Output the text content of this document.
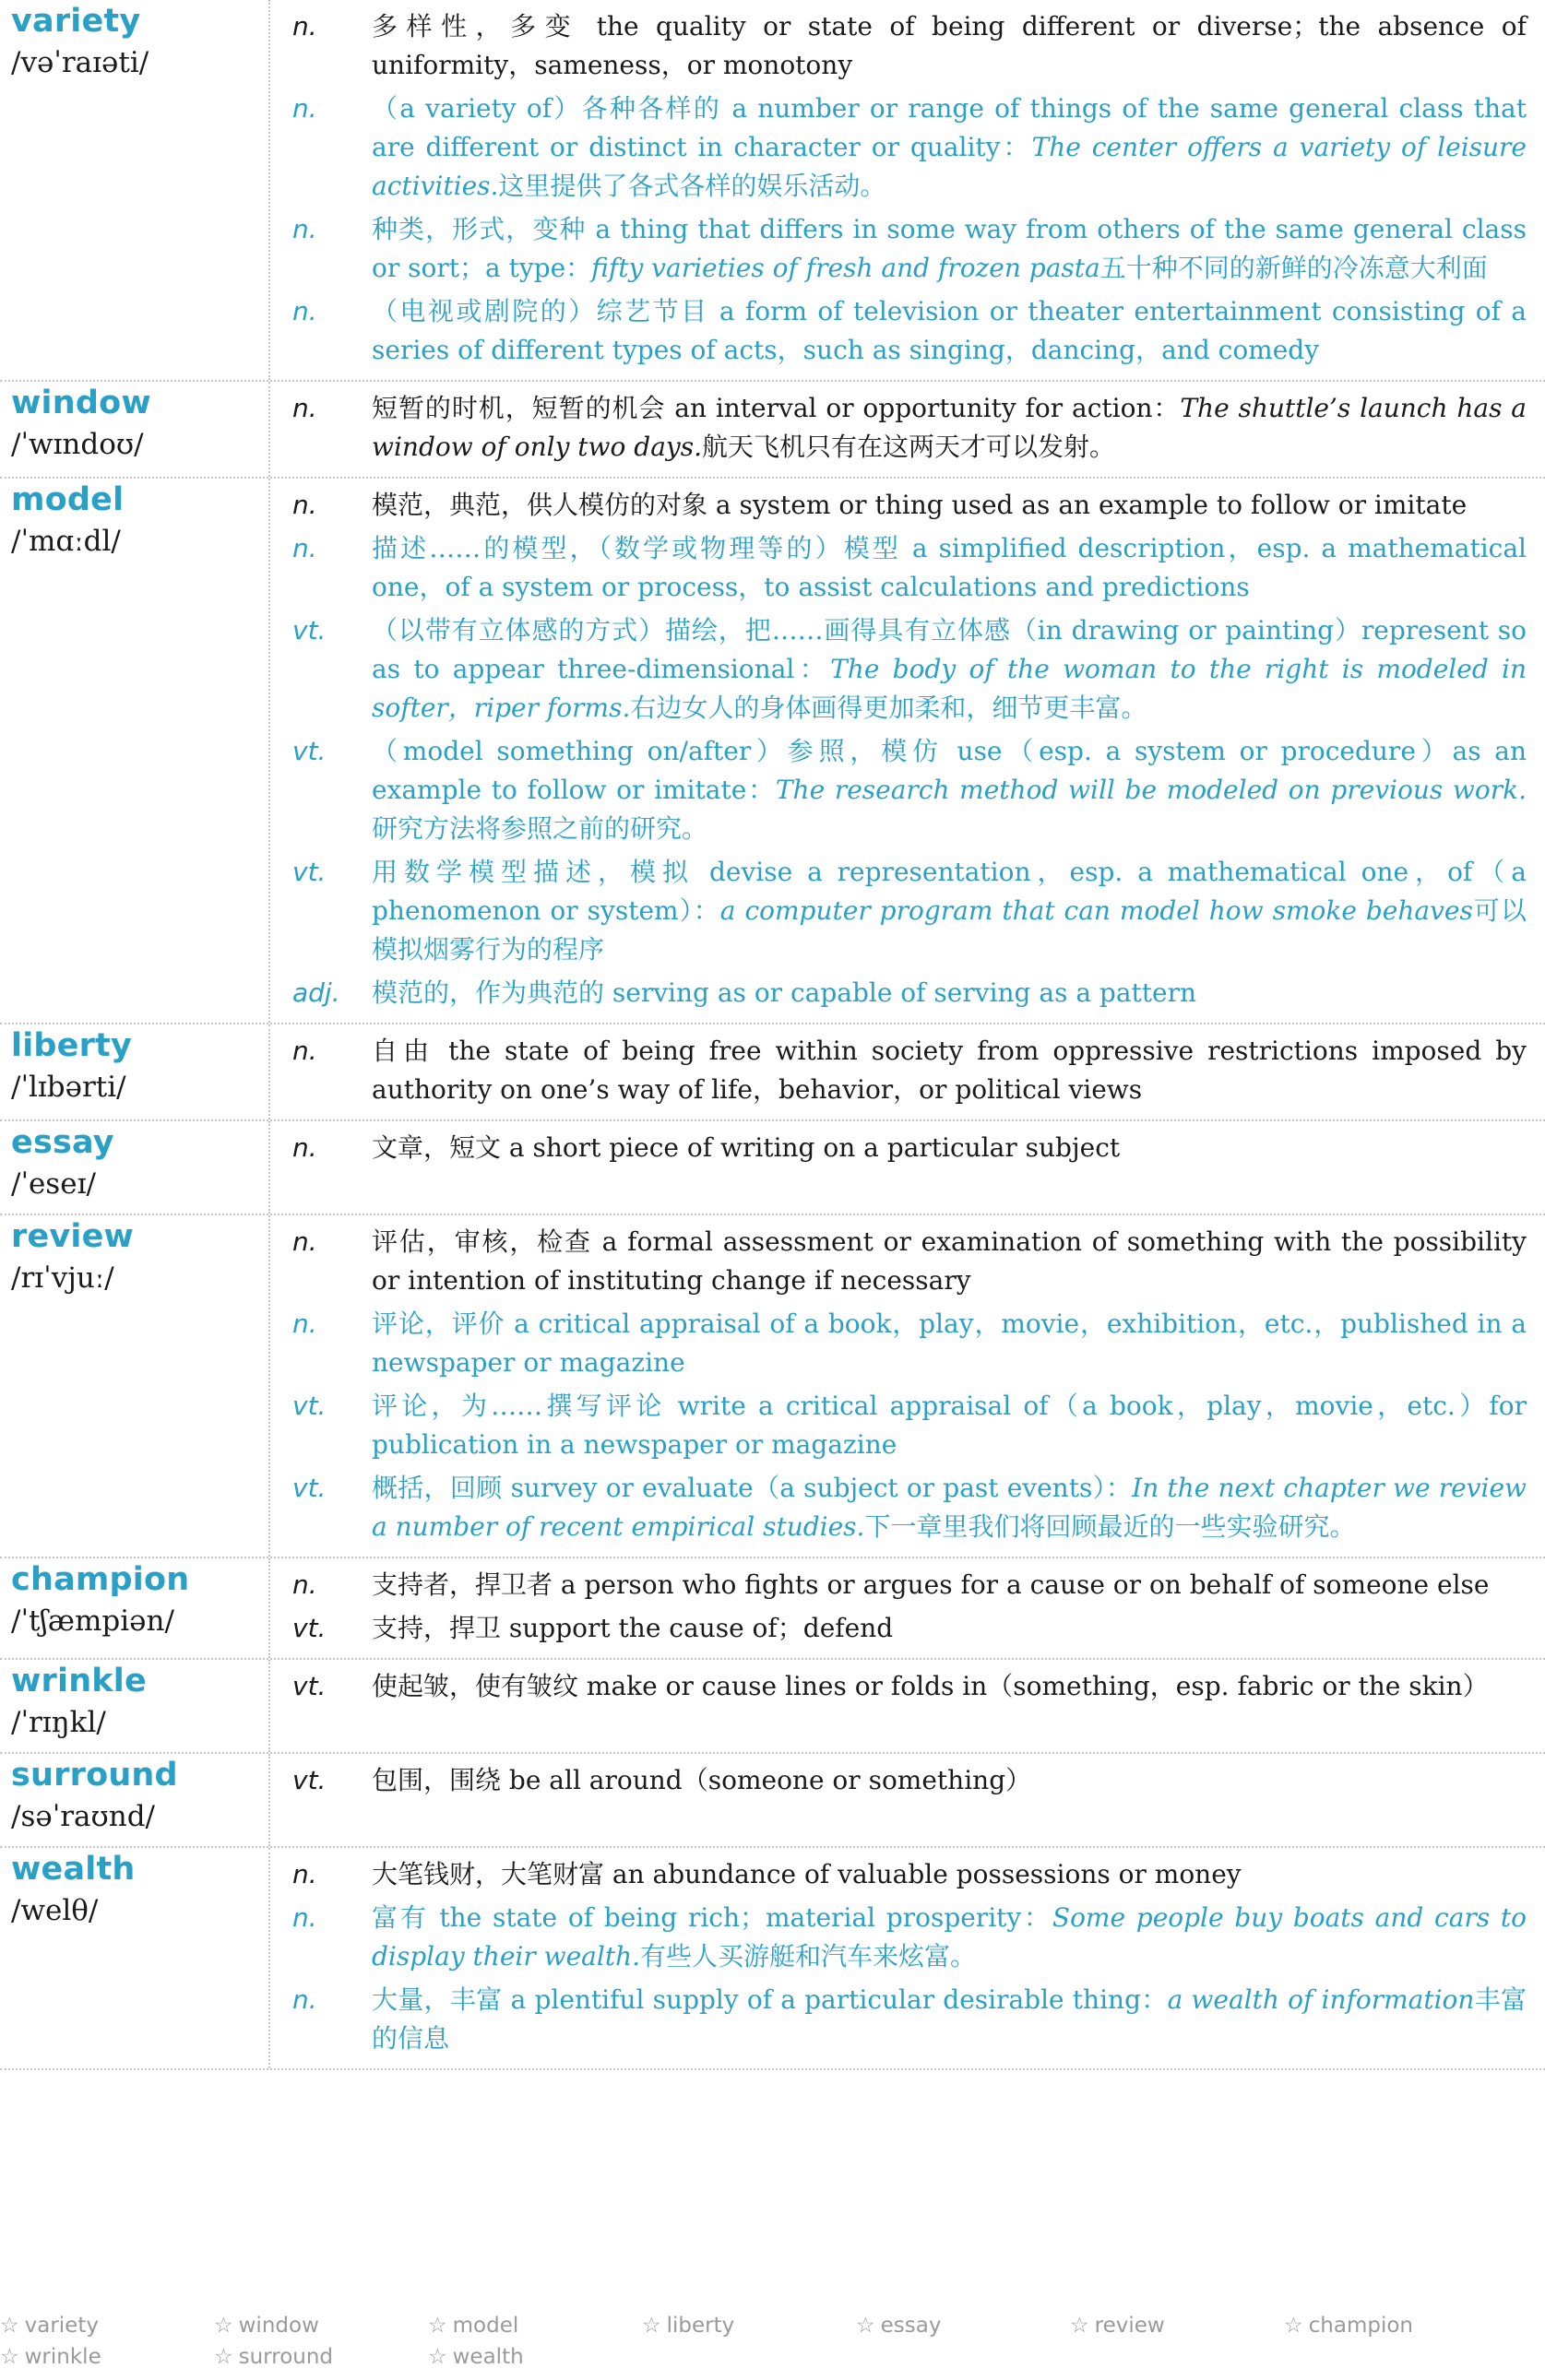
variety
/vəˈraɪəti/
n.	多样性，多变 the quality or state of being different or diverse；the absence of uniformity，sameness，or monotony
n.	（a variety of）各种各样的 a number or range of things of the same general class that are different or distinct in character or quality：The center offers a variety of leisure activities.这里提供了各式各样的娱乐活动。
n.	种类，形式，变种 a thing that differs in some way from others of the same general class or sort；a type：fifty varieties of fresh and frozen pasta五十种不同的新鲜的冷冻意大利面
n.	（电视或剧院的）综艺节目 a form of television or theater entertainment consisting of a series of different types of acts，such as singing，dancing，and comedy
window
/ˈwɪndoʊ/
n.	短暂的时机，短暂的机会 an interval or opportunity for action：The shuttle’s launch has a window of only two days.航天飞机只有在这两天才可以发射。
model
/ˈmɑːdl/
n.	模范，典范，供人模仿的对象 a system or thing used as an example to follow or imitate
n.	描述……的模型，（数学或物理等的）模型 a simplified description，esp. a mathematical one，of a system or process，to assist calculations and predictions
vt.	（以带有立体感的方式）描绘，把……画得具有立体感（in drawing or painting）represent so as to appear three-dimensional：The body of the woman to the right is modeled in softer，riper forms.右边女人的身体画得更加柔和，细节更丰富。
vt.	（model something on/after）参照，模仿 use（esp. a system or procedure）as an example to follow or imitate：The research method will be modeled on previous work.研究方法将参照之前的研究。
vt.	用数学模型描述，模拟 devise a representation，esp. a mathematical one，of（a phenomenon or system）：a computer program that can model how smoke behaves可以模拟烟雾行为的程序
adj.	模范的，作为典范的 serving as or capable of serving as a pattern
liberty
/ˈlɪbərti/
n.	自由 the state of being free within society from oppressive restrictions imposed by authority on one’s way of life，behavior，or political views
essay
/ˈeseɪ/
n.	文章，短文 a short piece of writing on a particular subject
review
/rɪˈvjuː/
n.	评估，审核，检查 a formal assessment or examination of something with the possibility or intention of instituting change if necessary
n.	评论，评价 a critical appraisal of a book，play，movie，exhibition，etc.，published in a newspaper or magazine
vt.	评论，为……撰写评论 write a critical appraisal of（a book，play，movie，etc.）for publication in a newspaper or magazine
vt.	概括，回顾 survey or evaluate（a subject or past events）：In the next chapter we review a number of recent empirical studies.下一章里我们将回顾最近的一些实验研究。
champion
/ˈtʃæmpiən/
n.	支持者，捍卫者 a person who fights or argues for a cause or on behalf of someone else
vt.	支持，捍卫 support the cause of；defend
wrinkle
/ˈrɪŋkl/
vt.	使起皱，使有皱纹 make or cause lines or folds in（something，esp. fabric or the skin）
surround
/səˈraʊnd/
vt.	包围，围绕 be all around（someone or something）
wealth
/welθ/
n.	大笔钱财，大笔财富 an abundance of valuable possessions or money
n.	富有 the state of being rich；material prosperity：Some people buy boats and cars to display their wealth.有些人买游艇和汽车来炫富。
n.	大量，丰富 a plentiful supply of a particular desirable thing：a wealth of information丰富的信息
☆ variety	☆ window	☆ model	☆ liberty	☆ essay	☆ review	☆ champion
☆ wrinkle	☆ surround	☆ wealth
